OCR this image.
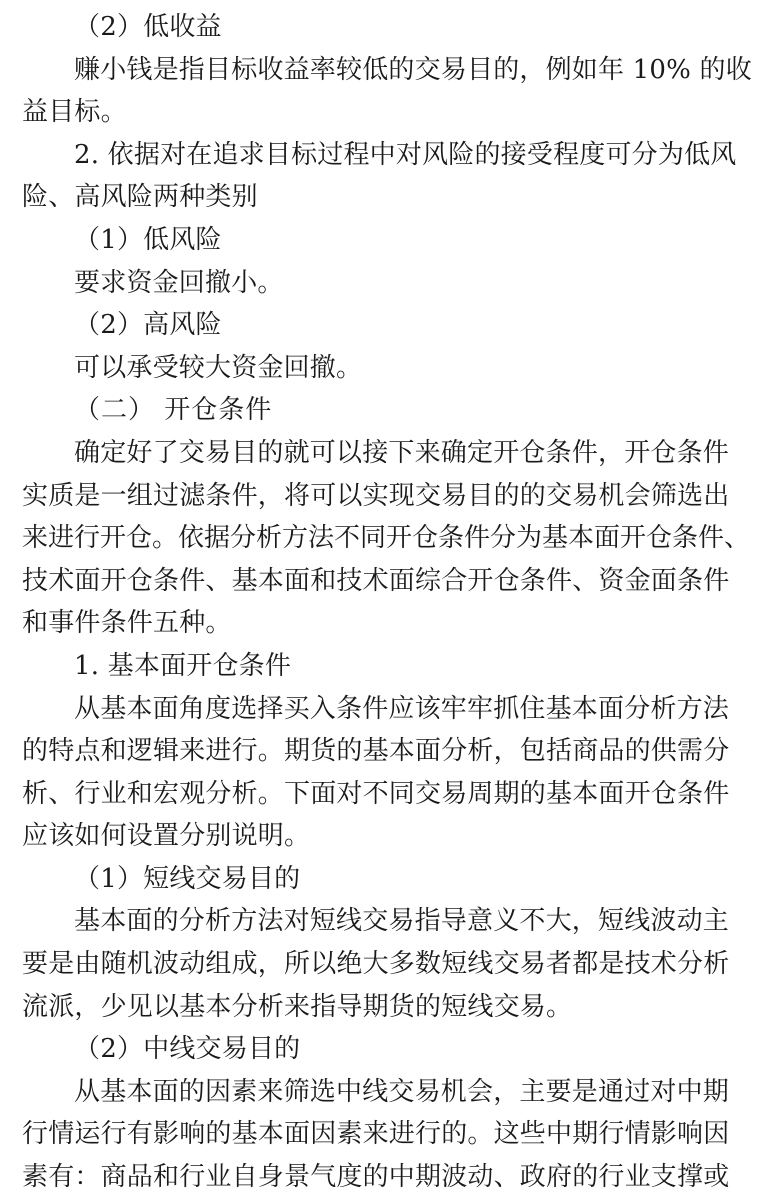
（2）低收益
赚小钱是指目标收益率较低的交易目的，例如年 10% 的收
益目标。
2. 依据对在追求目标过程中对风险的接受程度可分为低风
险、高风险两种类别
（1）低风险
要求资金回撤小。
（2）高风险
可以承受较大资金回撤。
（二） 开仓条件
确定好了交易目的就可以接下来确定开仓条件，开仓条件
实质是一组过滤条件，将可以实现交易目的的交易机会筛选出
来进行开仓。依据分析方法不同开仓条件分为基本面开仓条件、
技术面开仓条件、基本面和技术面综合开仓条件、资金面条件
和事件条件五种。
1. 基本面开仓条件
从基本面角度选择买入条件应该牢牢抓住基本面分析方法
的特点和逻辑来进行。期货的基本面分析，包括商品的供需分
析、行业和宏观分析。下面对不同交易周期的基本面开仓条件
应该如何设置分别说明。
（1）短线交易目的
基本面的分析方法对短线交易指导意义不大，短线波动主
要是由随机波动组成，所以绝大多数短线交易者都是技术分析
流派，少见以基本分析来指导期货的短线交易。
（2）中线交易目的
从基本面的因素来筛选中线交易机会，主要是通过对中期
行情运行有影响的基本面因素来进行的。这些中期行情影响因
素有：商品和行业自身景气度的中期波动、政府的行业支撑或
